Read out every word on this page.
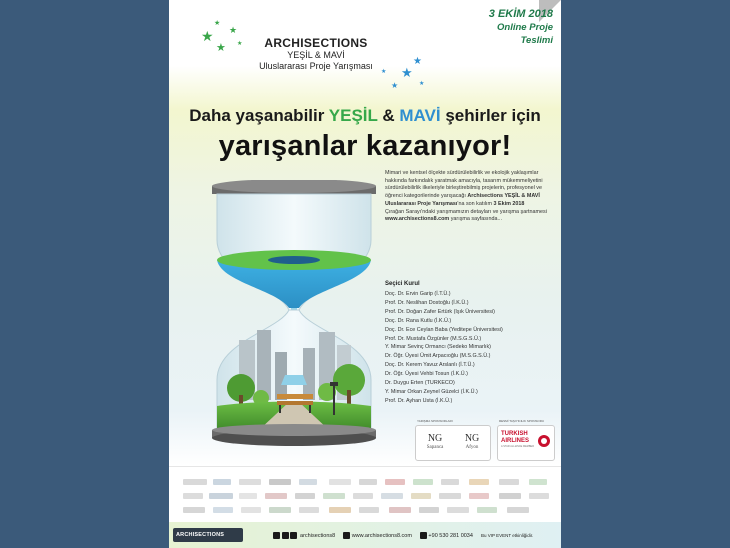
★
★
★
★
★
★
★
★
★
★
ARCHISECTIONS
YEŞİL & MAVİ
Uluslararası Proje Yarışması
3 EKİM 2018
Online Proje
Teslimi
Daha yaşanabilir YEŞİL & MAVİ şehirler için
yarışanlar kazanıyor!
Mimari ve kentsel ölçekte sürdürülebilirlik ve ekolojik yaklaşımlar hakkında farkındalık yaratmak amacıyla, tasarım mükemmeliyetini sürdürülebilirlik ilkeleriyle birleştirebilmiş projelerin, profesyonel ve öğrenci kategorilerinde yarışacağı Archisections YEŞİL & MAVİ Uluslararası Proje Yarışması'na son katılım 3 Ekim 2018
Çırağan Sarayı'ndaki yarışmamızın detayları ve yarışma şartnamesi www.archisections8.com yarışma sayfasında...
Seçici Kurul
Doç. Dr. Ervin Garip (İ.T.Ü.)
Prof. Dr. Neslihan Dostoğlu (İ.K.Ü.)
Prof. Dr. Doğan Zafer Ertürk (Işık Üniversitesi)
Doç. Dr. Rana Kutlu (İ.K.Ü.)
Doç. Dr. Ece Ceylan Baba (Yeditepe Üniversitesi)
Prof. Dr. Mustafa Özgünler (M.S.G.S.Ü.)
Y. Mimar Sevinç Ormancı (Sedeko Mimarlık)
Dr. Öğr. Üyesi Ümit Arpacıoğlu (M.S.G.S.Ü.)
Doç. Dr. Kerem Yavuz Arslanlı (İ.T.Ü.)
Dr. Öğr. Üyesi Vehbi Tosun (İ.K.Ü.)
Dr. Duygu Erten (TURKECO)
Y. Mimar Orkan Zeynel Güzelci (İ.K.Ü.)
Prof. Dr. Ayhan Usta (İ.K.Ü.)
YARIŞMA SPONSORLARI
NG
Sapanca
NG
Afyon
RESMİ TAŞIYICILIK SPONSORU
TURKISH
AIRLINES
A STAR ALLIANCE MEMBER
ARCHISECTIONS	archisections8	www.archisections8.com	+90 530 281 0034 Bu VIP EVENT etkinliğidir.
